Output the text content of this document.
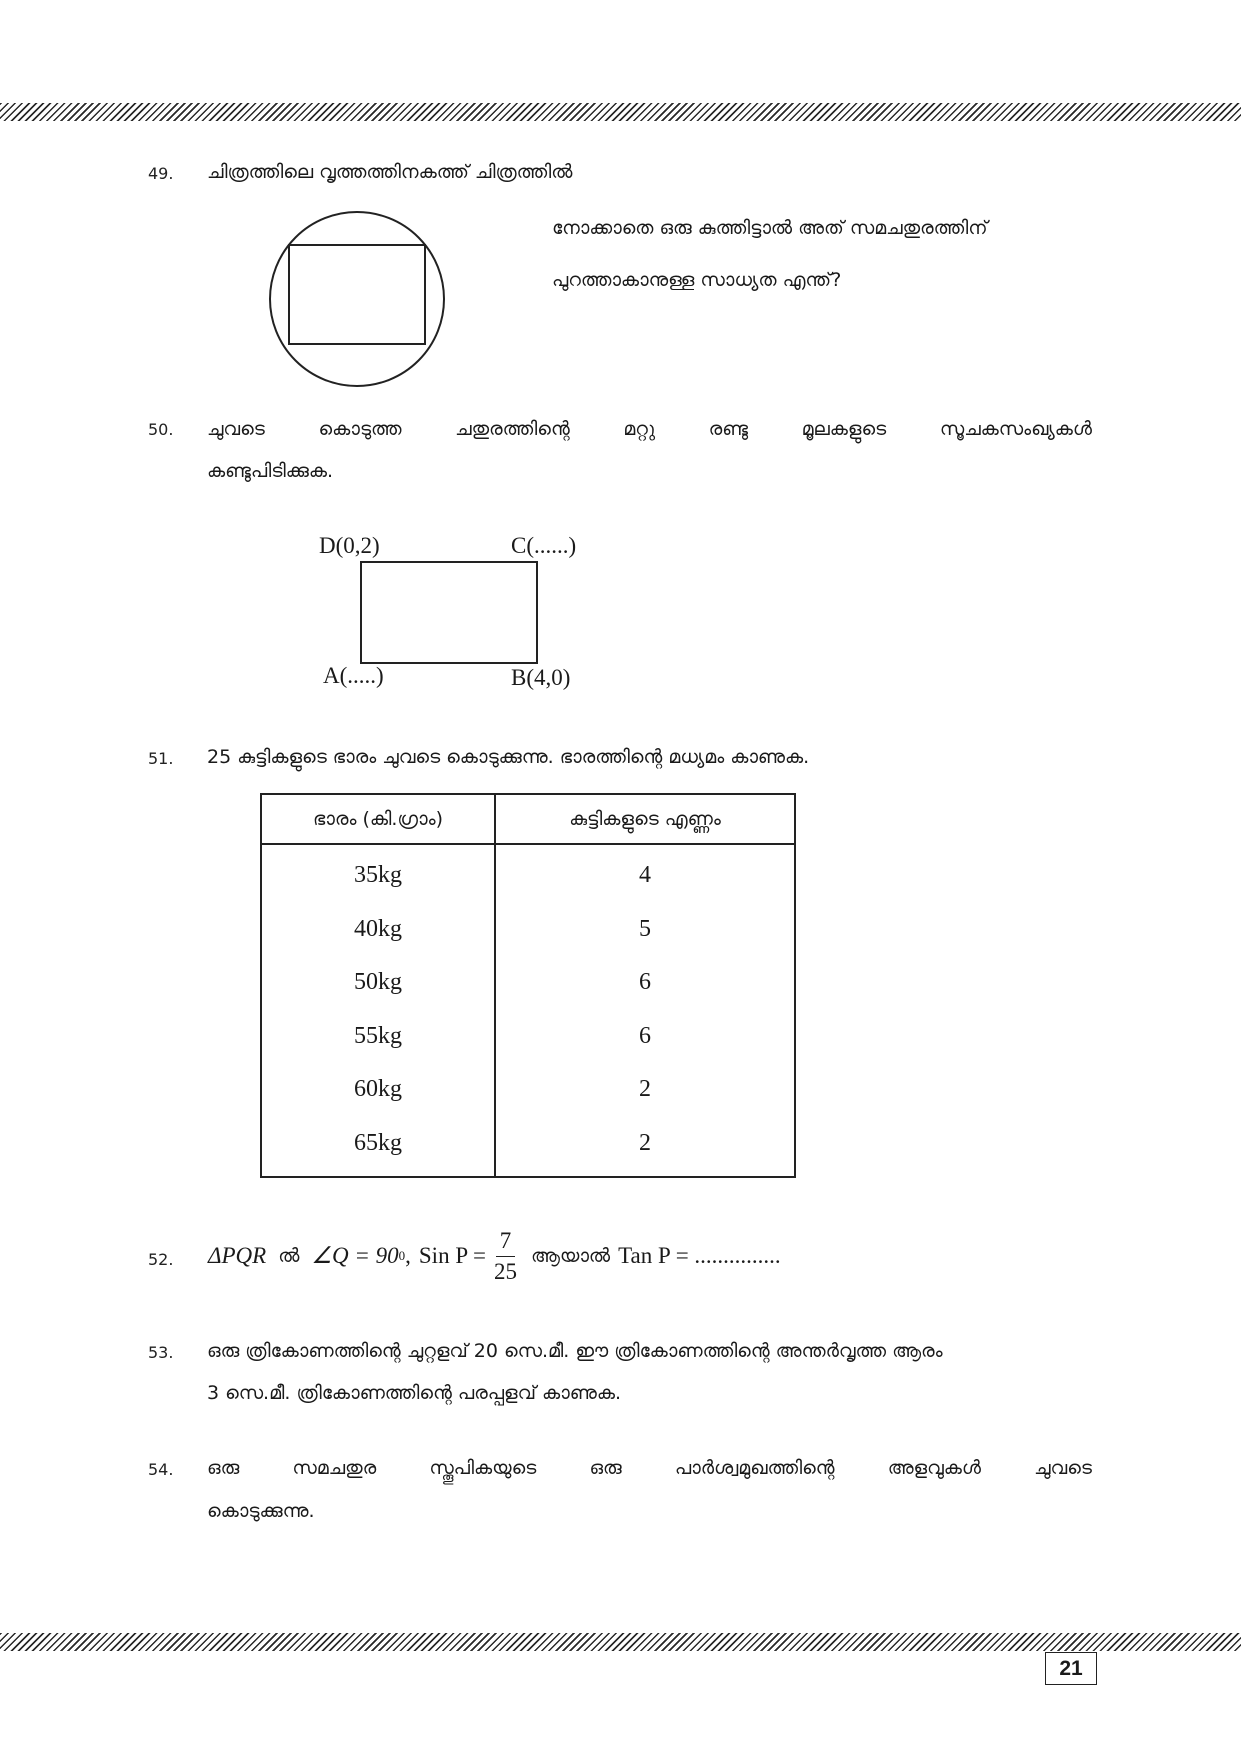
49. ചിത്രത്തിലെ വൃത്തത്തിനകത്ത് ചിത്രത്തിൽ
നോക്കാതെ ഒരു കുത്തിട്ടാൽ അത് സമചതുരത്തിന്
പുറത്താകാനുള്ള സാധ്യത എന്ത്?
50. ചുവടെ കൊടുത്ത ചതുരത്തിന്റെ മറ്റു രണ്ടു മൂലകളുടെ സൂചകസംഖ്യകൾ
കണ്ടുപിടിക്കുക.
D(0,2)	C(......)
A(.....)	B(4,0)
51. 25 കുട്ടികളുടെ ഭാരം ചുവടെ കൊടുക്കുന്നു. ഭാരത്തിന്റെ മധ്യമം കാണുക.
ഭാരം (കി.ഗ്രാം)	കുട്ടികളുടെ എണ്ണം
35kg	4
40kg	5
50kg	6
55kg	6
60kg	2
65kg	2
52. ΔPQR ൽ ∠Q = 90 0 , Sin $P = \frac{7}{25}$ ആയാൽ Tan P = ...............
53. ഒരു ത്രികോണത്തിന്റെ ചുറ്റളവ് 20 സെ.മീ. ഈ ത്രികോണത്തിന്റെ അന്തർവൃത്ത ആരം
3 സെ.മീ. ത്രികോണത്തിന്റെ പരപ്പളവ് കാണുക.
54. ഒരു സമചതുര സ്തൂപികയുടെ ഒരു പാർശ്വമുഖത്തിന്റെ അളവുകൾ ചുവടെ
കൊടുക്കുന്നു.
21
